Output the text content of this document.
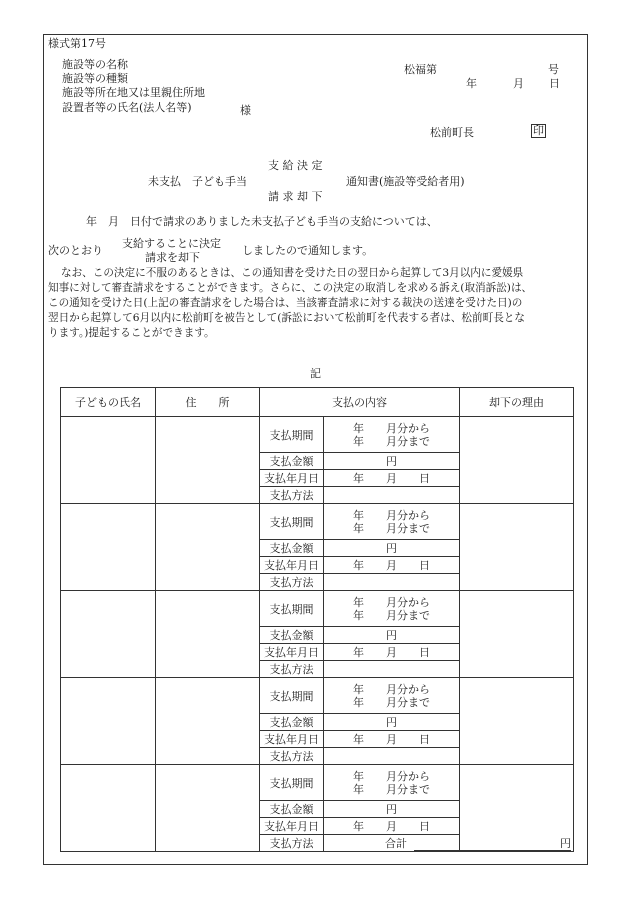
様式第17号
施設等の名称
施設等の種類
施設等所在地又は里親住所地
設置者等の氏名(法人名等)	様
松福第	号
年	月 日
松前町長	印
支 給 決 定
未支払　子ども手当	通知書(施設等受給者用)
請 求 却 下
年　月　日付で請求のありました未支払子ども手当の支給については、
次のとおり
支給することに決定
請求を却下
しましたので通知します。
なお、この決定に不服のあるときは、この通知書を受けた日の翌日から起算して3月以内に愛媛県
知事に対して審査請求をすることができます。さらに、この決定の取消しを求める訴え(取消訴訟)は、
この通知を受けた日(上記の審査請求をした場合は、当該審査請求に対する裁決の送達を受けた日)の
翌日から起算して6月以内に松前町を被告として(訴訟において松前町を代表する者は、松前町長とな
ります。)提起することができます。
記
子どもの氏名	住　　所	支払の内容		却下の理由
		支払期間	年　　月分から
年　　月分まで	

		支払金額	円	
		支払年月日	年　　月　　日	
		支払方法		
		支払期間	年　　月分から
年　　月分まで	

		支払金額	円	
		支払年月日	年　　月　　日	
		支払方法		
		支払期間	年　　月分から
年　　月分まで	

		支払金額	円	
		支払年月日	年　　月　　日	
		支払方法		
		支払期間	年　　月分から
年　　月分まで	

		支払金額	円	
		支払年月日	年　　月　　日	
		支払方法		
		支払期間	年　　月分から
年　　月分まで	

		支払金額	円	
		支払年月日	年　　月　　日	
		支払方法			合計	円
